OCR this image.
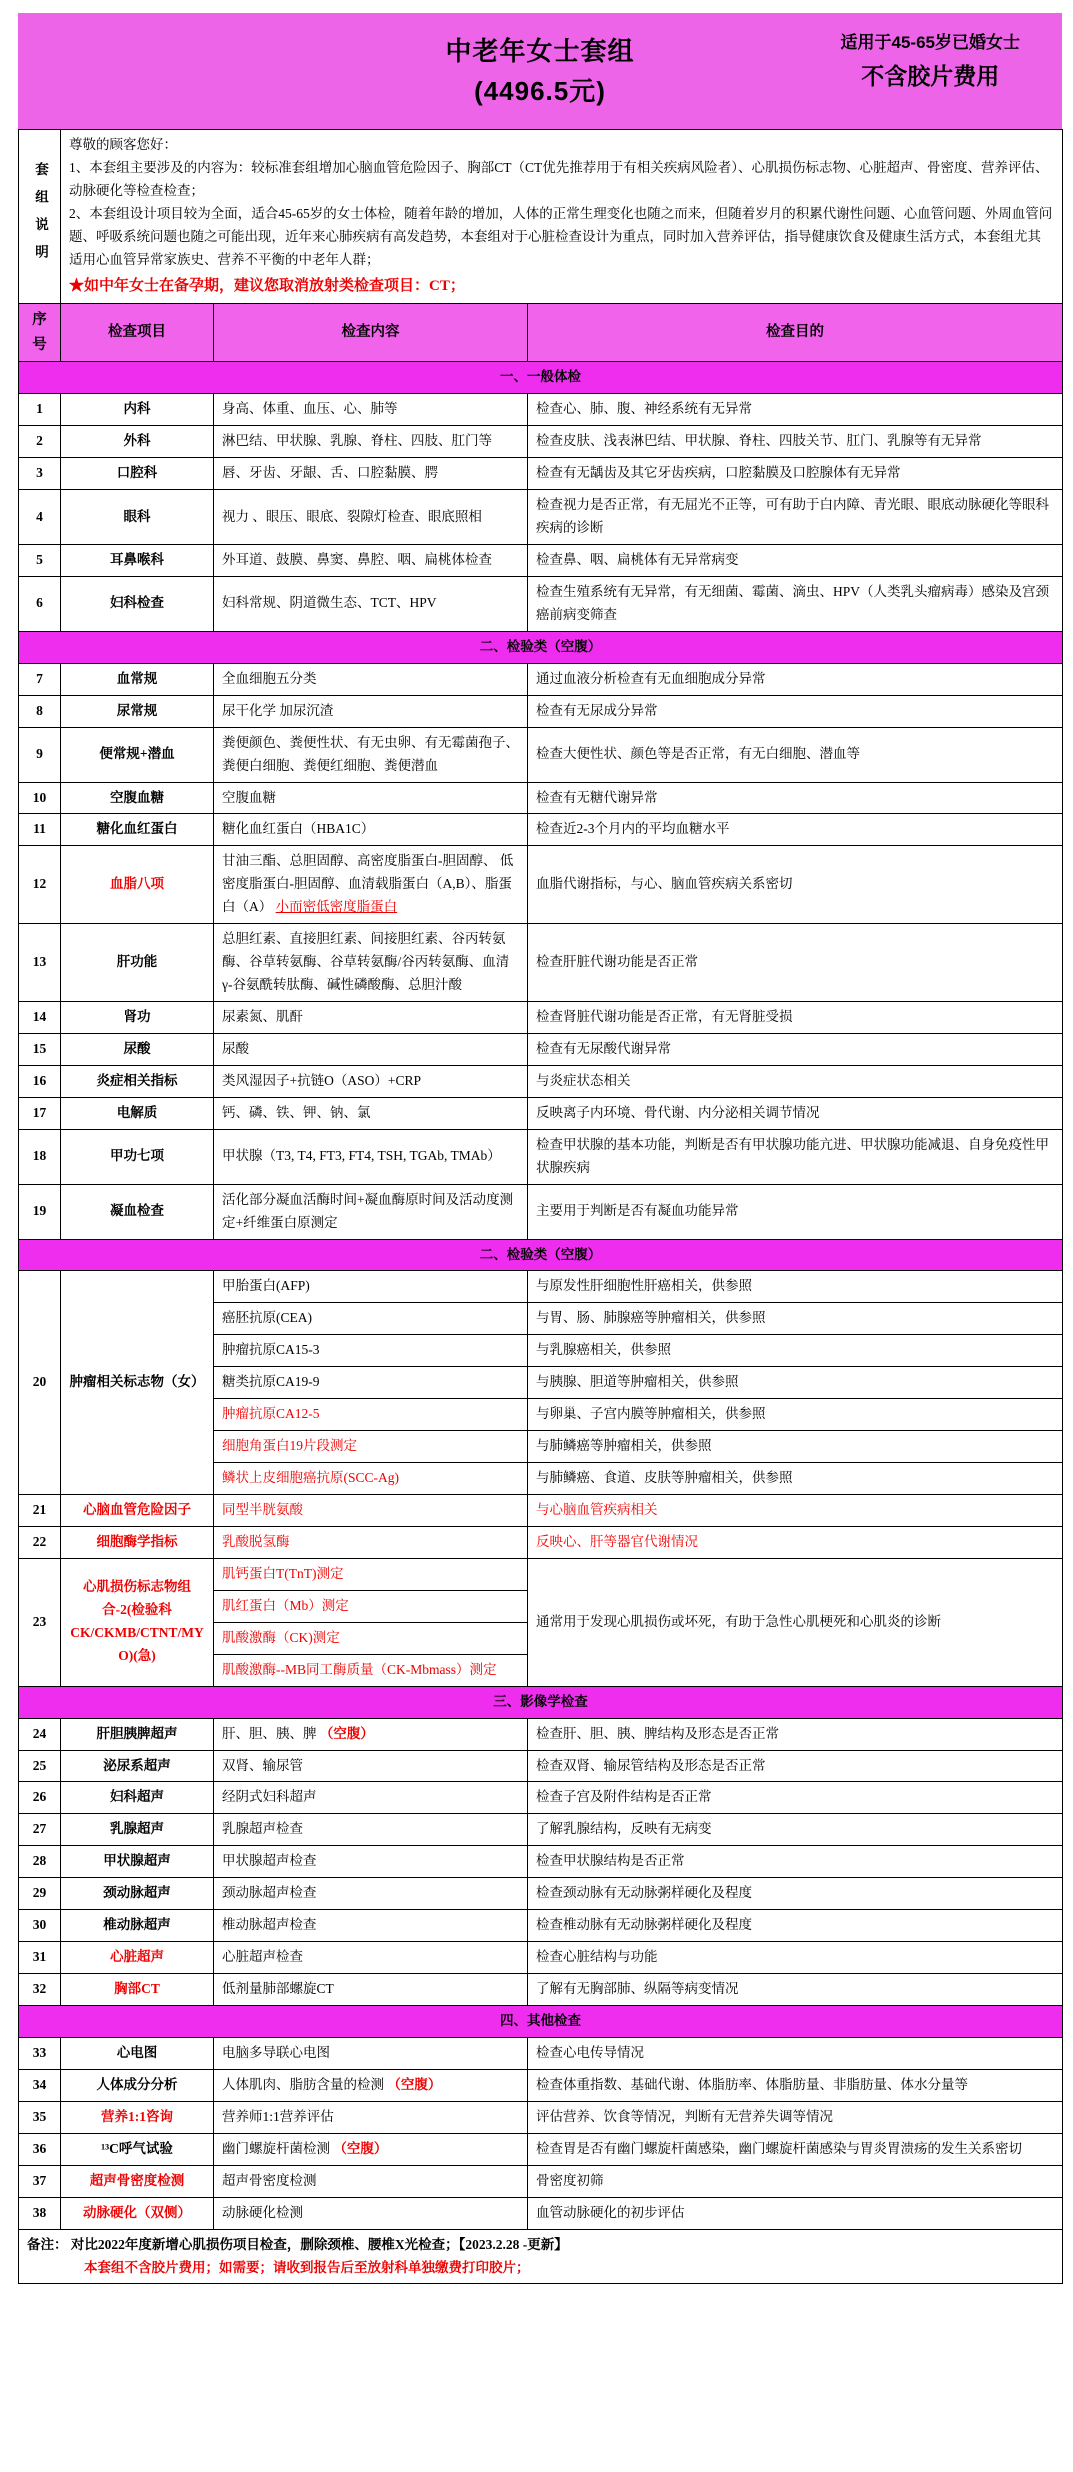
中老年女士套组
(4496.5元)
适用于45-65岁已婚女士
不含胶片费用
套组说明	尊敬的顾客您好：

1、本套组主要涉及的内容为：较标准套组增加心脑血管危险因子、胸部CT（CT优先推荐用于有相关疾病风险者）、心肌损伤标志物、心脏超声、骨密度、营养评估、动脉硬化等检查检查；

2、本套组设计项目较为全面，适合45-65岁的女士体检，随着年龄的增加，人体的正常生理变化也随之而来，但随着岁月的积累代谢性问题、心血管问题、外周血管问题、呼吸系统问题也随之可能出现，近年来心肺疾病有高发趋势，本套组对于心脏检查设计为重点，同时加入营养评估，指导健康饮食及健康生活方式，本套组尤其适用心血管异常家族史、营养不平衡的中老年人群；

★如中年女士在备孕期，建议您取消放射类检查项目：CT；		

序号	检查项目	检查内容	检查目的
一、一般体检			
1	内科	身高、体重、血压、心、肺等	检查心、肺、腹、神经系统有无异常
2	外科	淋巴结、甲状腺、乳腺、脊柱、四肢、肛门等	检查皮肤、浅表淋巴结、甲状腺、脊柱、四肢关节、肛门、乳腺等有无异常
3	口腔科	唇、牙齿、牙龈、舌、口腔黏膜、腭	检查有无龋齿及其它牙齿疾病，口腔黏膜及口腔腺体有无异常
4	眼科	视力 、眼压、眼底、裂隙灯检查、眼底照相	检查视力是否正常，有无屈光不正等，可有助于白内障、青光眼、眼底动脉硬化等眼科疾病的诊断
5	耳鼻喉科	外耳道、鼓膜、鼻窦、鼻腔、咽、扁桃体检查	检查鼻、咽、扁桃体有无异常病变
6	妇科检查	妇科常规、阴道微生态、TCT、HPV	检查生殖系统有无异常，有无细菌、霉菌、滴虫、HPV（人类乳头瘤病毒）感染及宫颈癌前病变筛查
二、检验类（空腹）			
7	血常规	全血细胞五分类	通过血液分析检查有无血细胞成分异常
8	尿常规	尿干化学 加尿沉渣	检查有无尿成分异常
9	便常规+潜血	粪便颜色、粪便性状、有无虫卵、有无霉菌孢子、粪便白细胞、粪便红细胞、粪便潜血	检查大便性状、颜色等是否正常，有无白细胞、潜血等
10	空腹血糖	空腹血糖	检查有无糖代谢异常
11	糖化血红蛋白	糖化血红蛋白（HBA1C）	检查近2-3个月内的平均血糖水平
12	血脂八项	甘油三酯、总胆固醇、高密度脂蛋白-胆固醇、 低密度脂蛋白-胆固醇、血清载脂蛋白（A,B）、脂蛋白（A） 小而密低密度脂蛋白	血脂代谢指标，与心、脑血管疾病关系密切
13	肝功能	总胆红素、直接胆红素、间接胆红素、谷丙转氨酶、谷草转氨酶、谷草转氨酶/谷丙转氨酶、血清γ-谷氨酰转肽酶、碱性磷酸酶、总胆汁酸	检查肝脏代谢功能是否正常
14	肾功	尿素氮、肌酐	检查肾脏代谢功能是否正常，有无肾脏受损
15	尿酸	尿酸	检查有无尿酸代谢异常
16	炎症相关指标	类风湿因子+抗链O（ASO）+CRP	与炎症状态相关
17	电解质	钙、磷、铁、钾、钠、氯	反映离子内环境、骨代谢、内分泌相关调节情况
18	甲功七项	甲状腺（T3, T4, FT3, FT4, TSH, TGAb, TMAb）	检查甲状腺的基本功能，判断是否有甲状腺功能亢进、甲状腺功能减退、自身免疫性甲状腺疾病
19	凝血检查	活化部分凝血活酶时间+凝血酶原时间及活动度测定+纤维蛋白原测定	主要用于判断是否有凝血功能异常
二、检验类（空腹）			
20	肿瘤相关标志物（女）	甲胎蛋白(AFP)	与原发性肝细胞性肝癌相关，供参照
		癌胚抗原(CEA)	与胃、肠、肺腺癌等肿瘤相关，供参照
		肿瘤抗原CA15-3	与乳腺癌相关，供参照
		糖类抗原CA19-9	与胰腺、胆道等肿瘤相关，供参照
		肿瘤抗原CA12-5	与卵巢、子宫内膜等肿瘤相关，供参照
		细胞角蛋白19片段测定	与肺鳞癌等肿瘤相关，供参照
		鳞状上皮细胞癌抗原(SCC-Ag)	与肺鳞癌、食道、皮肤等肿瘤相关，供参照
21	心脑血管危险因子	同型半胱氨酸	与心脑血管疾病相关
22	细胞酶学指标	乳酸脱氢酶	反映心、肝等器官代谢情况
23	心肌损伤标志物组合-2(检验科 CK/CKMB/CTNT/MYO)(急)	肌钙蛋白T(TnT)测定	通常用于发现心肌损伤或坏死，有助于急性心肌梗死和心肌炎的诊断
		肌红蛋白（Mb）测定	
		肌酸激酶（CK)测定	
		肌酸激酶--MB同工酶质量（CK-Mbmass）测定	
三、影像学检查			
24	肝胆胰脾超声	肝、胆、胰、脾 （空腹）	检查肝、胆、胰、脾结构及形态是否正常
25	泌尿系超声	双肾、输尿管	检查双肾、输尿管结构及形态是否正常
26	妇科超声	经阴式妇科超声	检查子宫及附件结构是否正常
27	乳腺超声	乳腺超声检查	了解乳腺结构，反映有无病变
28	甲状腺超声	甲状腺超声检查	检查甲状腺结构是否正常
29	颈动脉超声	颈动脉超声检查	检查颈动脉有无动脉粥样硬化及程度
30	椎动脉超声	椎动脉超声检查	检查椎动脉有无动脉粥样硬化及程度
31	心脏超声	心脏超声检查	检查心脏结构与功能
32	胸部CT	低剂量肺部螺旋CT	了解有无胸部肺、纵隔等病变情况
四、其他检查			
33	心电图	电脑多导联心电图	检查心电传导情况
34	人体成分分析	人体肌肉、脂肪含量的检测 （空腹）	检查体重指数、基础代谢、体脂肪率、体脂肪量、非脂肪量、体水分量等
35	营养1:1咨询	营养师1:1营养评估	评估营养、饮食等情况，判断有无营养失调等情况
36	¹³C呼气试验	幽门螺旋杆菌检测 （空腹）	检查胃是否有幽门螺旋杆菌感染，幽门螺旋杆菌感染与胃炎胃溃疡的发生关系密切
37	超声骨密度检测	超声骨密度检测	骨密度初筛
38	动脉硬化（双侧）	动脉硬化检测	血管动脉硬化的初步评估

备注： 对比2022年度新增心肌损伤项目检查，删除颈椎、腰椎X光检查；【2023.2.28 -更新】
本套组不含胶片费用；如需要；请收到报告后至放射科单独缴费打印胶片；			
